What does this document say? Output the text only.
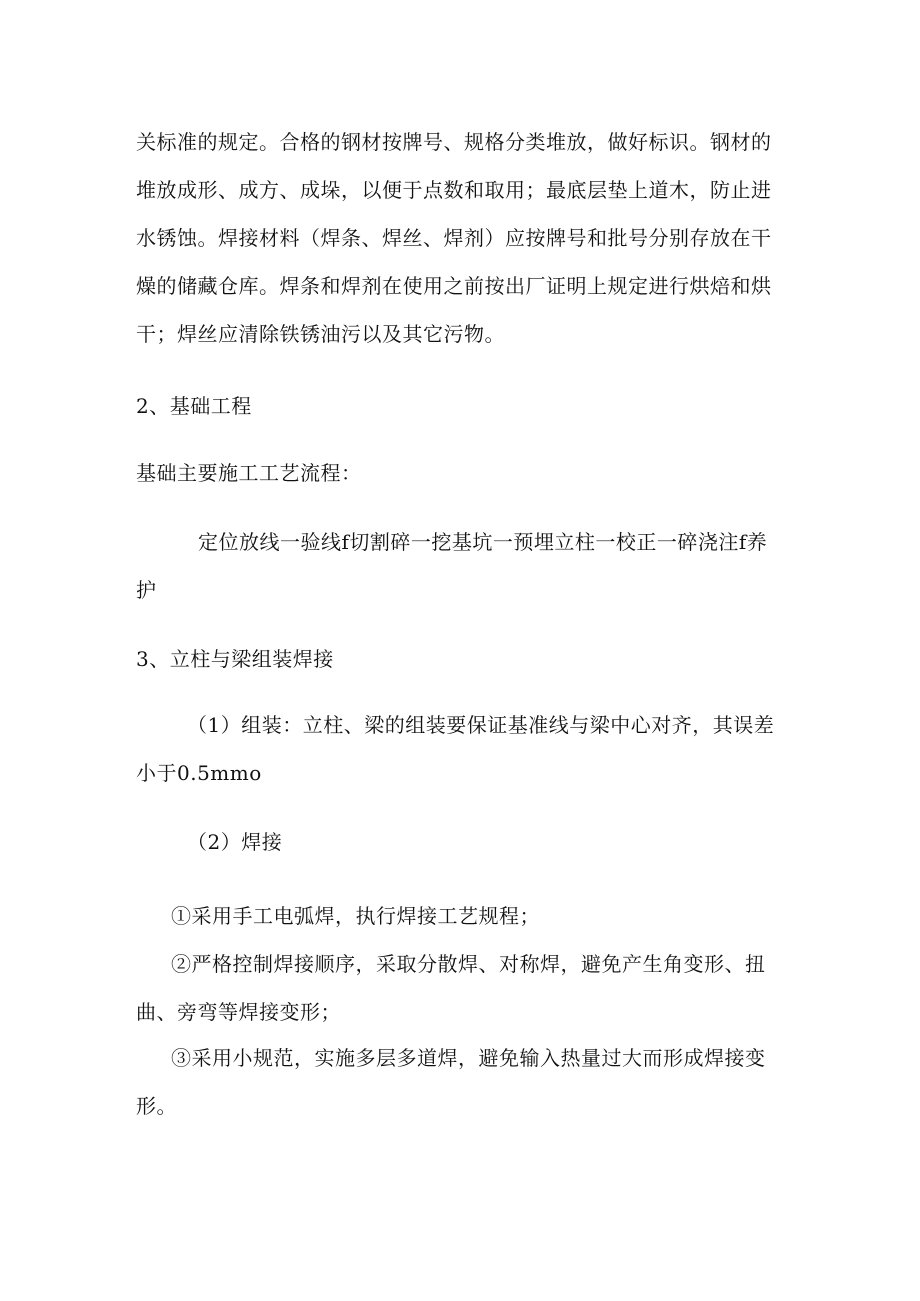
关标准的规定。合格的钢材按牌号、规格分类堆放，做好标识。钢材的
堆放成形、成方、成垛，以便于点数和取用；最底层垫上道木，防止进
水锈蚀。焊接材料（焊条、焊丝、焊剂）应按牌号和批号分别存放在干
燥的储藏仓库。焊条和焊剂在使用之前按出厂证明上规定进行烘焙和烘
干；焊丝应清除铁锈油污以及其它污物。
2、基础工程
基础主要施工工艺流程：
定位放线一验线f切割碎一挖基坑一预埋立柱一校正一碎浇注f养
护
3、立柱与梁组装焊接
（1）组装：立柱、梁的组装要保证基准线与梁中心对齐，其误差
小于0.5mmo
（2）焊接
①采用手工电弧焊，执行焊接工艺规程；
②严格控制焊接顺序，采取分散焊、对称焊，避免产生角变形、扭
曲、旁弯等焊接变形；
③采用小规范，实施多层多道焊，避免输入热量过大而形成焊接变
形。
